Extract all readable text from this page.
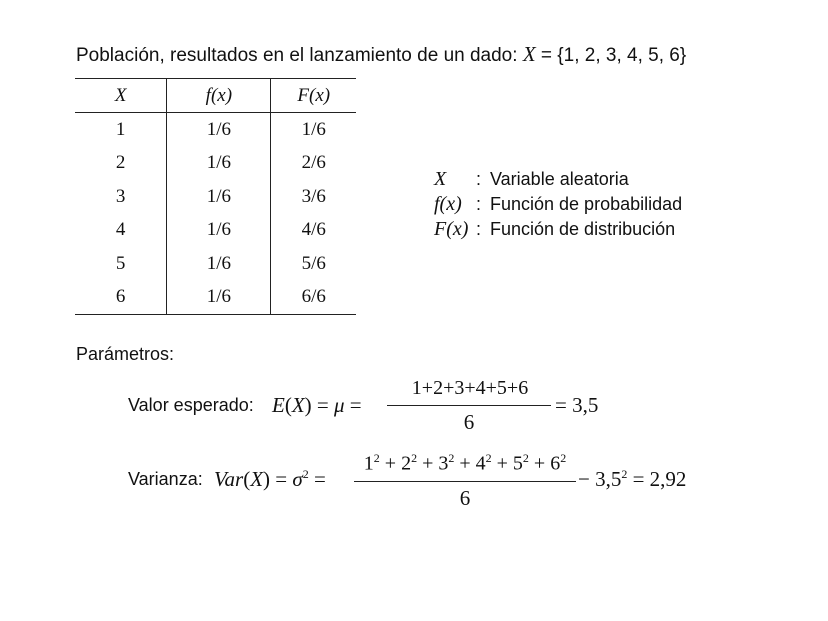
Población, resultados en el lanzamiento de un dado: X = {1, 2, 3, 4, 5, 6}
X	f(x)	F(x)
1	1/6	1/6
2	1/6	2/6
3	1/6	3/6
4	1/6	4/6
5	1/6	5/6
6	1/6	6/6
X : Variable aleatoria
f(x) : Función de probabilidad
F(x) : Función de distribución
Parámetros:
Valor esperado: E(X) = μ =
1+2+3+4+5+6
6
= 3,5
Varianza: $Var(X) = \sigma^2$ =
$1^2 + 2^2 + 3^2 + 4^2 + 5^2 + 6^2$
6
− $3,5^2 = 2,92$
